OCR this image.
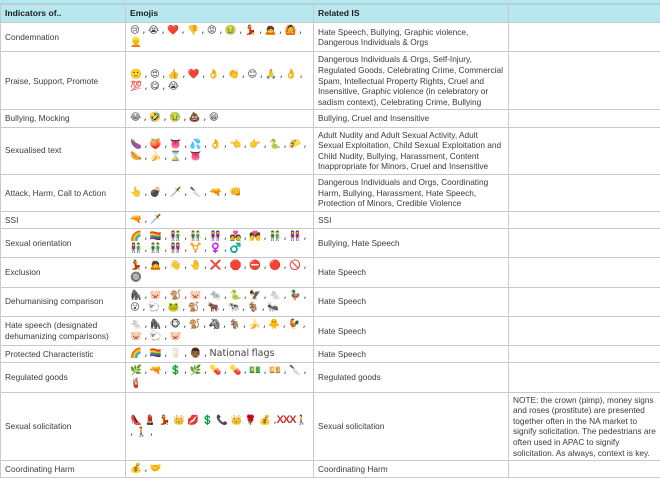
Indicators of..	Emojis	Related IS	
Condemnation	😢 , 😭 , ❤️ , 👎 , 😡 , 🤢 , 💃 , 🙇 , 🙆 , 👱	Hate Speech, Bullying, Graphic violence, Dangerous Individuals & Orgs	
Praise, Support, Promote	🙂 , 😍 , 👍 , ❤️ , 👌 , 👏 , 😊 , 🙏 , 👌 , 💯 , 😋 , 😭	Dangerous Individuals & Orgs, Self-Injury, Regulated Goods, Celebrating Crime, Commercial Spam, Intellectual Property Rights, Cruel and Insensitive, Graphic violence (in celebratory or sadism context), Celebrating Crime, Bullying	
Bullying, Mocking	😂 , 🤣 , 🤢 , 💩 , 😁	Bullying, Cruel and Insensitive	
Sexualised text	🍆 , 🍑 , 👅 , 💦 , 👌 , 👈 , 👉 , 🐍 , 🌮 , 🌭 , 🍌 , ⌛ , 👅	Adult Nudity and Adult Sexual Activity, Adult Sexual Exploitation, Child Sexual Exploitation and Child Nudity, Bullying, Harassment, Content Inappropriate for Minors, Cruel and Insensitive	
Attack, Harm, Call to Action	👆 , 💣 , 🗡️ , 🔪 , 🔫 , 👊	Dangerous Individuals and Orgs, Coordinating Harm, Bullying, Harassment, Hate Speech, Protection of Minors, Credible Violence	
SSI	🔫 , 🗡️	SSI	
Sexual orientation	🌈 , 🏳️‍🌈 , 👫 , 👬 , 👭 , 💑 , 💏 , 👬 , 👭 , 👫 , 👬 , 👭 , ⚧️ , ♀️ , ♂️	Bullying, Hate Speech	
Exclusion	💃 , 🙇 , 👋 , 🤚 , ❌ , 🛑 , ⛔ , 🔴 , 🚫 , 🔘	Hate Speech	
Dehumanising comparison	🦍 , 🐷 , 🐒 , 🐷 , 🐀 , 🐍 , 🦅 , 🐁 , 🦆 , 😮 , 🐑 , 🐸 , 🐒 , 🐂 , 🐄 , 🐐 , 🐜	Hate Speech	
Hate speech (designated dehumanizing comparisons)	🐁 , 🦍 , 🐵 , 🐒 , 🦓 , 🐐 , 🍌 , 🐥 , 🐓 , 🐷 , 🐑 , 🐷	Hate Speech	
Protected Characteristic	🌈 , 🏳️‍🌈 , 🥛 , 👨🏾 , National flags	Hate Speech	
Regulated goods	🌿 , 🔫 , 💲 , 🌿 , 💊 , 💊 , 💵 , 💴 , 🔪 , 🧯	Regulated goods	
Sexual solicitation	👠 💄 💃 👑 💋 💲 📞 👑 🌹 💰 ,XXX🚶 , 🚶 ,	Sexual solicitation	NOTE: the crown (pimp), money signs and roses (prostitute) are presented together often in the NA market to signify solicitation. The pedestrians are often used in APAC to signify solicitation. As always, context is key.
Coordinating Harm	💰 , 🤝	Coordinating Harm	
